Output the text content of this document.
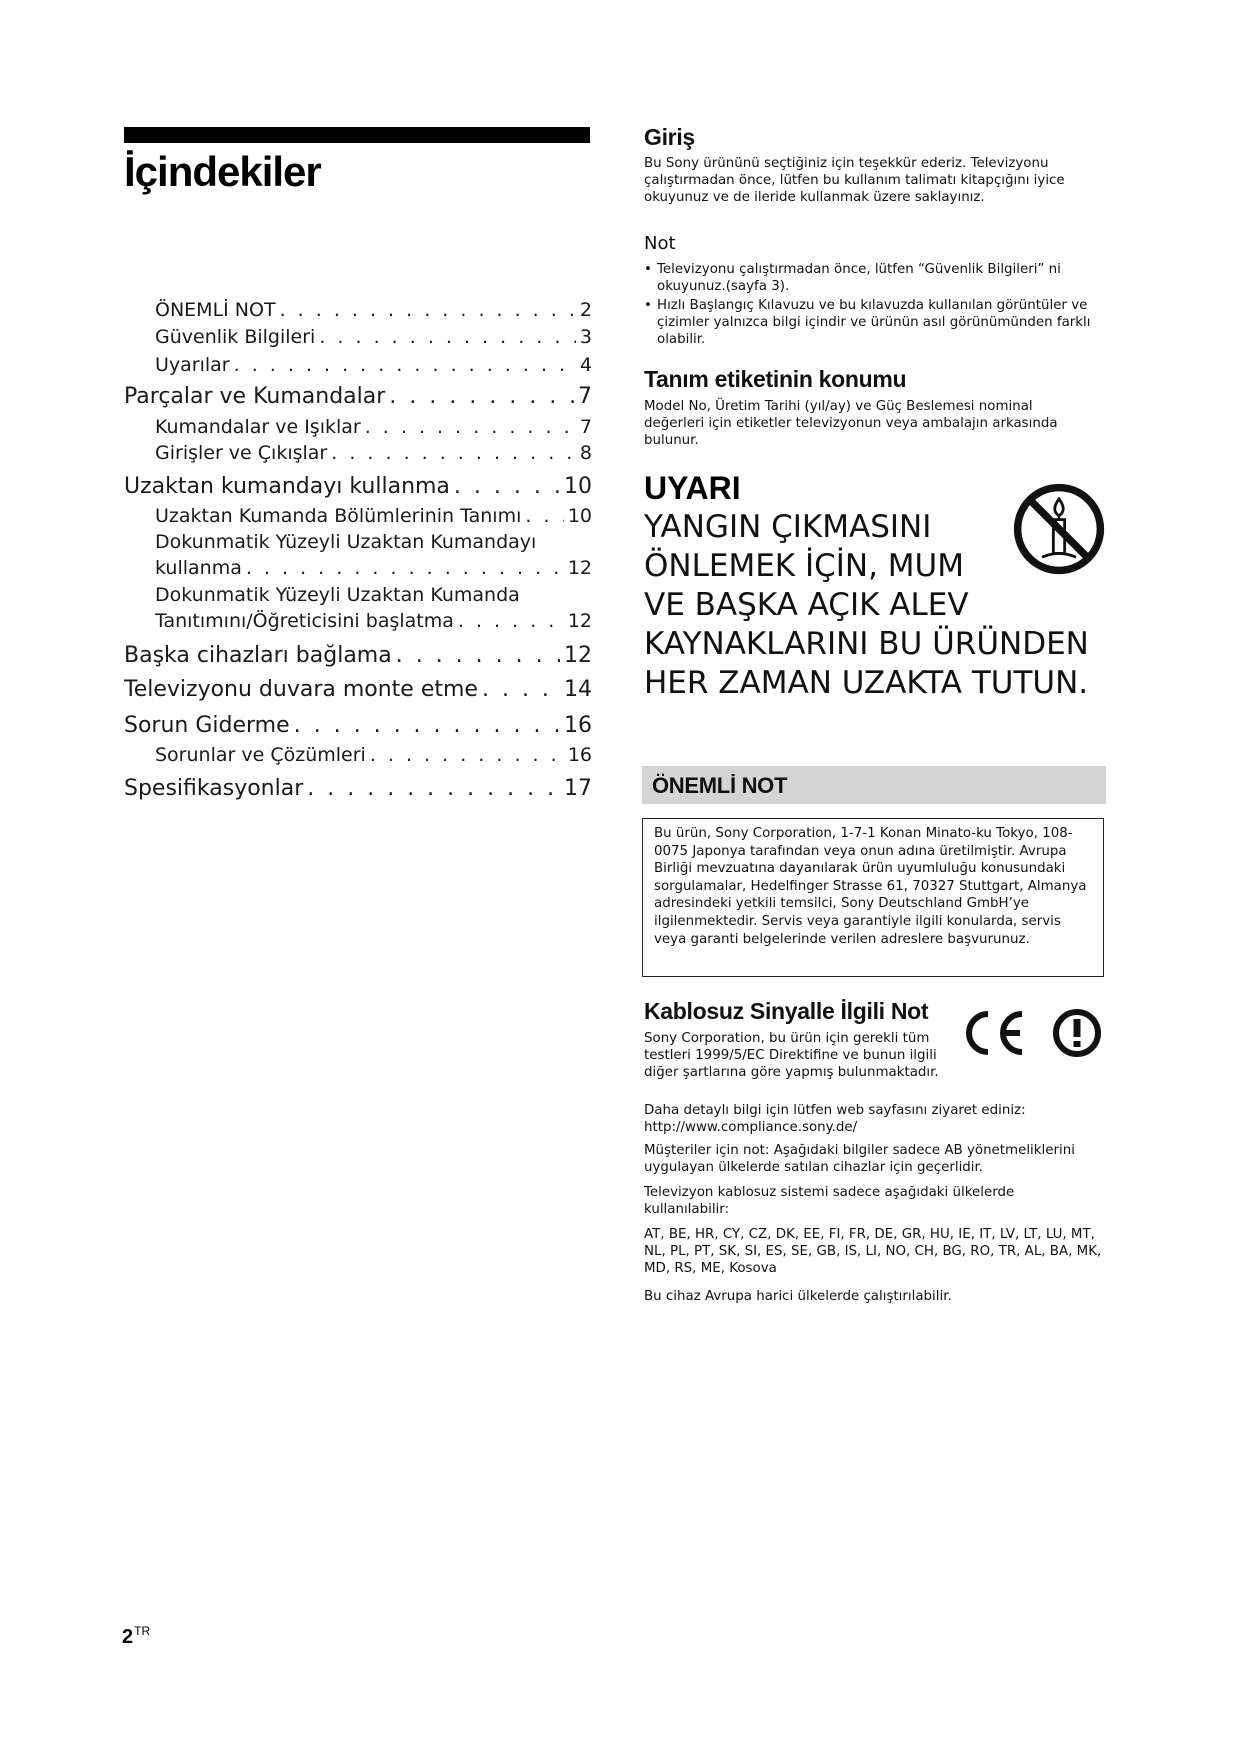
İçindekiler
ÖNEMLİ NOT . . .	2
Güvenlik Bilgileri . . .	3
Uyarılar . . .	4
Parçalar ve Kumandalar . . .	7
Kumandalar ve Işıklar . . .	7
Girişler ve Çıkışlar . . .	8
Uzaktan kumandayı kullanma . . .	10
Uzaktan Kumanda Bölümlerinin Tanımı . . . 10
Dokunmatik Yüzeyli Uzaktan Kumandayı
kullanma . . .	12
Dokunmatik Yüzeyli Uzaktan Kumanda
Tanıtımını/Öğreticisini başlatma . . .	12
Başka cihazları bağlama . . .	12
Televizyonu duvara monte etme . . .	14
Sorun Giderme . . .	16
Sorunlar ve Çözümleri . . .	16
Spesifikasyonlar . . .	17
Giriş
Bu Sony ürününü seçtiğiniz için teşekkür ederiz. Televizyonu çalıştırmadan önce, lütfen bu kullanım talimatı kitapçığını iyice okuyunuz ve de ileride kullanmak üzere saklayınız.
Not
• Televizyonu çalıştırmadan önce, lütfen “Güvenlik Bilgileri” ni okuyunuz.(sayfa 3).
• Hızlı Başlangıç Kılavuzu ve bu kılavuzda kullanılan görüntüler ve çizimler yalnızca bilgi içindir ve ürünün asıl görünümünden farklı olabilir.
Tanım etiketinin konumu
Model No, Üretim Tarihi (yıl/ay) ve Güç Beslemesi nominal değerleri için etiketler televizyonun veya ambalajın arkasında bulunur.
UYARI
YANGIN ÇIKMASINI
ÖNLEMEK İÇİN, MUM
VE BAŞKA AÇIK ALEV
KAYNAKLARINI BU ÜRÜNDEN
HER ZAMAN UZAKTA TUTUN.
ÖNEMLİ NOT
Bu ürün, Sony Corporation, 1-7-1 Konan Minato-ku Tokyo, 108-0075 Japonya tarafından veya onun adına üretilmiştir. Avrupa Birliği mevzuatına dayanılarak ürün uyumluluğu konusundaki sorgulamalar, Hedelfinger Strasse 61, 70327 Stuttgart, Almanya adresindeki yetkili temsilci, Sony Deutschland GmbH’ye ilgilenmektedir. Servis veya garantiyle ilgili konularda, servis veya garanti belgelerinde verilen adreslere başvurunuz.
Kablosuz Sinyalle İlgili Not
Sony Corporation, bu ürün için gerekli tüm testleri 1999/5/EC Direktifine ve bunun ilgili diğer şartlarına göre yapmış bulunmaktadır.
Daha detaylı bilgi için lütfen web sayfasını ziyaret ediniz: http://www.compliance.sony.de/
Müşteriler için not: Aşağıdaki bilgiler sadece AB yönetmeliklerini uygulayan ülkelerde satılan cihazlar için geçerlidir.
Televizyon kablosuz sistemi sadece aşağıdaki ülkelerde kullanılabilir:
AT, BE, HR, CY, CZ, DK, EE, FI, FR, DE, GR, HU, IE, IT, LV, LT, LU, MT, NL, PL, PT, SK, SI, ES, SE, GB, IS, LI, NO, CH, BG, RO, TR, AL, BA, MK, MD, RS, ME, Kosova
Bu cihaz Avrupa harici ülkelerde çalıştırılabilir.
$2^{TR}$
